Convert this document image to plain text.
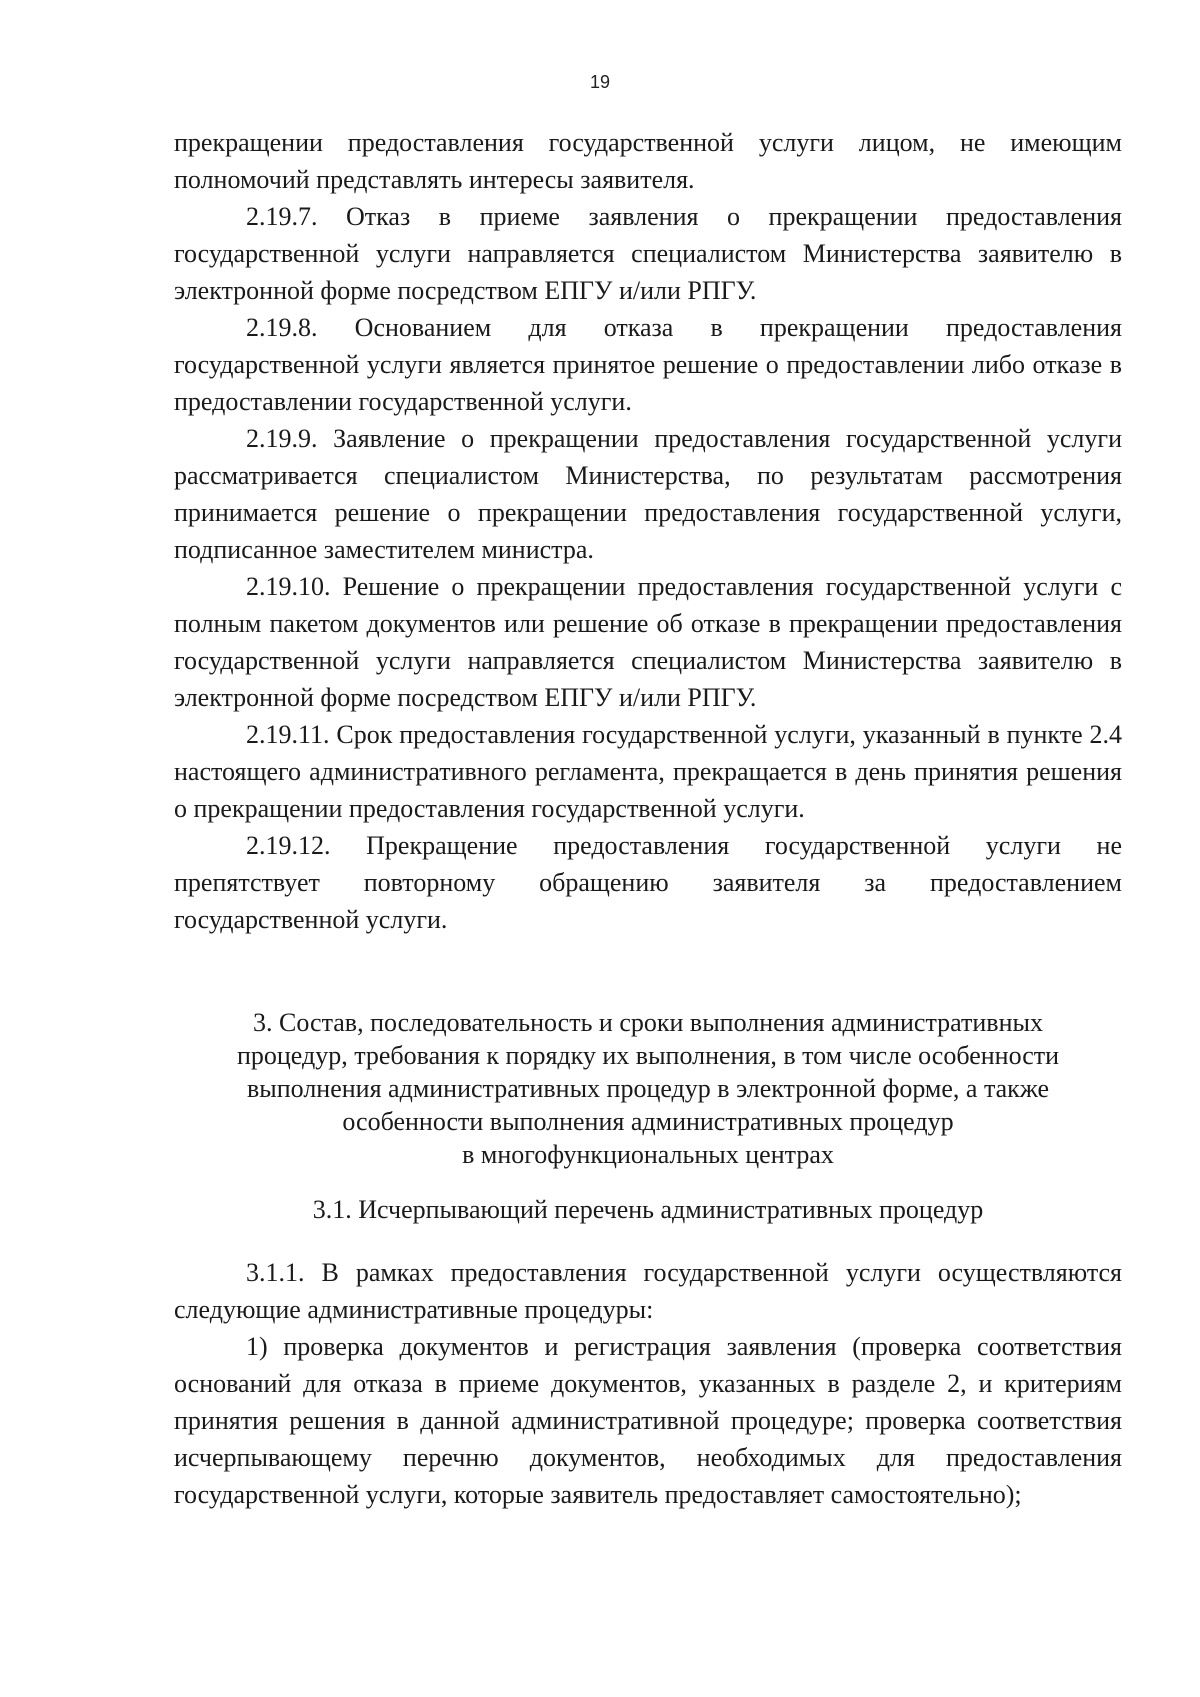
19

прекращении предоставления государственной услуги лицом, не имеющим полномочий представлять интересы заявителя.

2.19.7. Отказ в приеме заявления о прекращении предоставления государственной услуги направляется специалистом Министерства заявителю в электронной форме посредством ЕПГУ и/или РПГУ.

2.19.8. Основанием для отказа в прекращении предоставления государственной услуги является принятое решение о предоставлении либо отказе в предоставлении государственной услуги.

2.19.9. Заявление о прекращении предоставления государственной услуги рассматривается специалистом Министерства, по результатам рассмотрения принимается решение о прекращении предоставления государственной услуги, подписанное заместителем министра.

2.19.10. Решение о прекращении предоставления государственной услуги с полным пакетом документов или решение об отказе в прекращении предоставления государственной услуги направляется специалистом Министерства заявителю в электронной форме посредством ЕПГУ и/или РПГУ.

2.19.11. Срок предоставления государственной услуги, указанный в пункте 2.4 настоящего административного регламента, прекращается в день принятия решения о прекращении предоставления государственной услуги.

2.19.12. Прекращение предоставления государственной услуги не препятствует повторному обращению заявителя за предоставлением государственной услуги.

3. Состав, последовательность и сроки выполнения административных

процедур, требования к порядку их выполнения, в том числе особенности

выполнения административных процедур в электронной форме, а также

особенности выполнения административных процедур

в многофункциональных центрах

3.1. Исчерпывающий перечень административных процедур

3.1.1. В рамках предоставления государственной услуги осуществляются следующие административные процедуры:

1) проверка документов и регистрация заявления (проверка соответствия оснований для отказа в приеме документов, указанных в разделе 2, и критериям принятия решения в данной административной процедуре; проверка соответствия исчерпывающему перечню документов, необходимых для предоставления государственной услуги, которые заявитель предоставляет самостоятельно);
